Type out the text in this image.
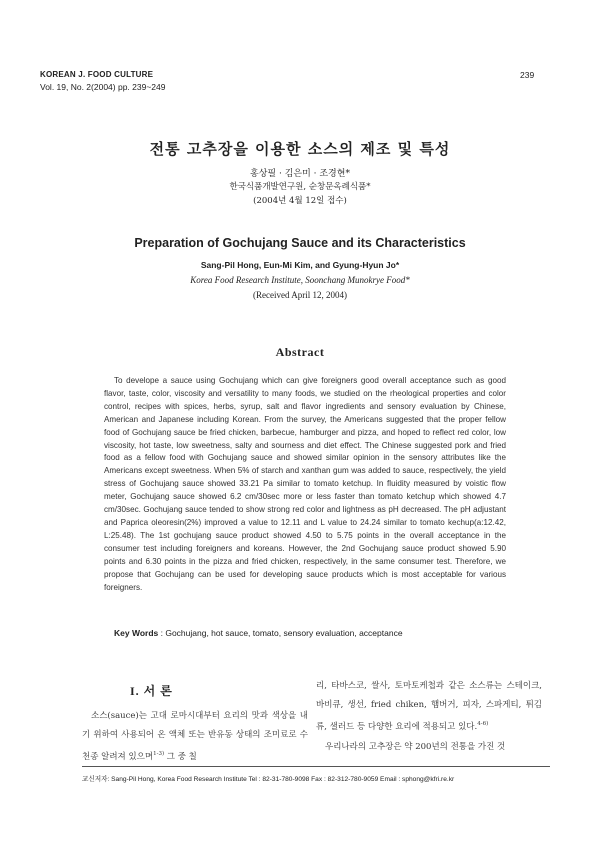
KOREAN J. FOOD CULTURE
Vol. 19, No. 2(2004) pp. 239~249
239
전통 고추장을 이용한 소스의 제조 및 특성
홍상필 · 김은미 · 조경현*
한국식품개발연구원, 순창문옥례식품*
(2004년 4월 12일 접수)
Preparation of Gochujang Sauce and its Characteristics
Sang-Pil Hong, Eun-Mi Kim, and Gyung-Hyun Jo*
Korea Food Research Institute, Soonchang Munokrye Food*
(Received April 12, 2004)
Abstract
To develope a sauce using Gochujang which can give foreigners good overall acceptance such as good flavor, taste, color, viscosity and versatility to many foods, we studied on the rheological properties and color control, recipes with spices, herbs, syrup, salt and flavor ingredients and sensory evaluation by Chinese, American and Japanese including Korean. From the survey, the Americans suggested that the proper fellow food of Gochujang sauce be fried chicken, barbecue, hamburger and pizza, and hoped to reflect red color, low viscosity, hot taste, low sweetness, salty and sourness and diet effect. The Chinese suggested pork and fried food as a fellow food with Gochujang sauce and showed similar opinion in the sensory attributes like the Americans except sweetness. When 5% of starch and xanthan gum was added to sauce, respectively, the yield stress of Gochujang sauce showed 33.21 Pa similar to tomato ketchup. In fluidity measured by voistic flow meter, Gochujang sauce showed 6.2 cm/30sec more or less faster than tomato ketchup which showed 4.7 cm/30sec. Gochujang sauce tended to show strong red color and lightness as pH decreased. The pH adjustant and Paprica oleoresin(2%) improved a value to 12.11 and L value to 24.24 similar to tomato kechup(a:12.42, L:25.48). The 1st gochujang sauce product showed 4.50 to 5.75 points in the overall acceptance in the consumer test including foreigners and koreans. However, the 2nd Gochujang sauce product showed 5.90 points and 6.30 points in the pizza and fried chicken, respectively, in the same consumer test. Therefore, we propose that Gochujang can be used for developing sauce products which is most acceptable for various foreigners.
Key Words : Gochujang, hot sauce, tomato, sensory evaluation, acceptance
I. 서 론
소스(sauce)는 고대 로마시대부터 요리의 맛과 색상을 내기 위하여 사용되어 온 액체 또는 반유동 상태의 조미료로 수천종 알려져 있으며$^{1-3)}$ 그 중 칠
리, 타바스코, 쌀사, 토마토케첩과 같은 소스류는 스테이크, 바비큐, 생선, fried chiken, 햄버거, 피자, 스파게티, 튀김류, 샐러드 등 다양한 요리에 적용되고 있다.$^{4-6)}$
우리나라의 고추장은 약 200년의 전통을 가진 것
교신저자: Sang-Pil Hong, Korea Food Research Institute Tel : 82-31-780-9098 Fax : 82-312-780-9059 Email : sphong@kfri.re.kr
